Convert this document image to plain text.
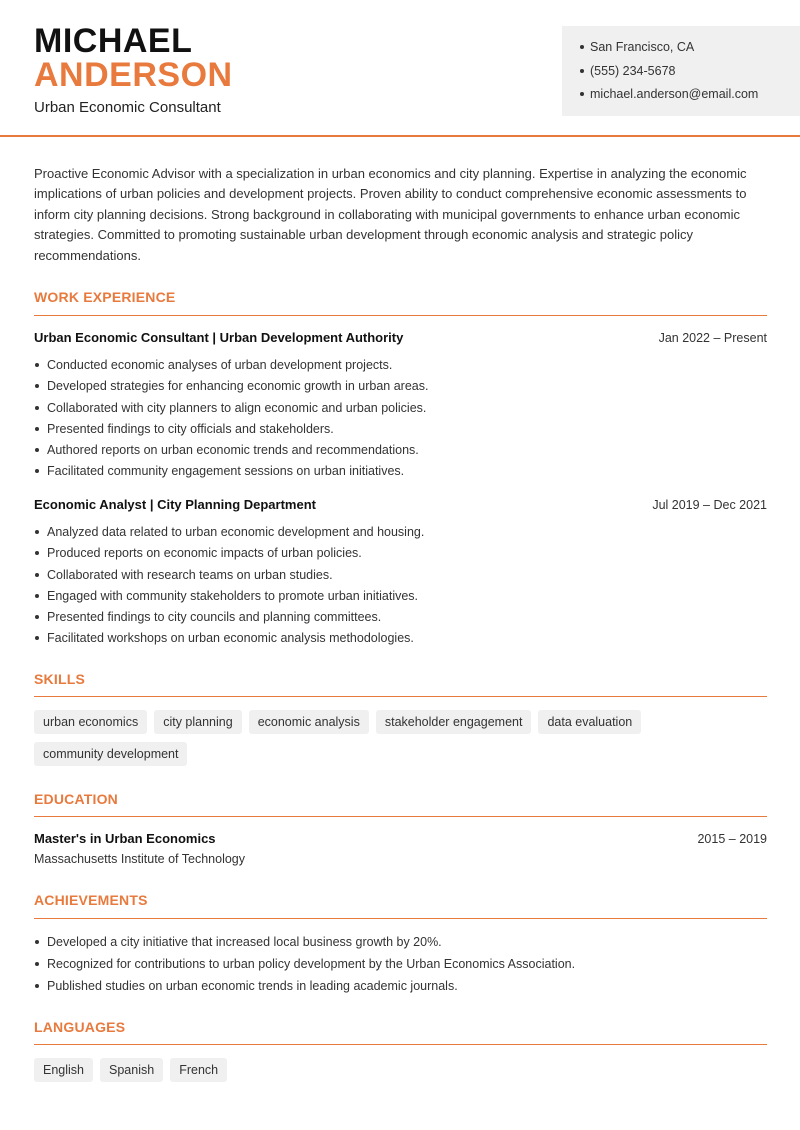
MICHAEL
ANDERSON
Urban Economic Consultant
San Francisco, CA
(555) 234-5678
michael.anderson@email.com

Proactive Economic Advisor with a specialization in urban economics and city planning. Expertise in analyzing the economic implications of urban policies and development projects. Proven ability to conduct comprehensive economic assessments to inform city planning decisions. Strong background in collaborating with municipal governments to enhance urban economic strategies. Committed to promoting sustainable urban development through economic analysis and strategic policy recommendations.

WORK EXPERIENCE
Urban Economic Consultant | Urban Development Authority	Jan 2022 – Present
Conducted economic analyses of urban development projects.
Developed strategies for enhancing economic growth in urban areas.
Collaborated with city planners to align economic and urban policies.
Presented findings to city officials and stakeholders.
Authored reports on urban economic trends and recommendations.
Facilitated community engagement sessions on urban initiatives.
Economic Analyst | City Planning Department	Jul 2019 – Dec 2021
Analyzed data related to urban economic development and housing.
Produced reports on economic impacts of urban policies.
Collaborated with research teams on urban studies.
Engaged with community stakeholders to promote urban initiatives.
Presented findings to city councils and planning committees.
Facilitated workshops on urban economic analysis methodologies.
SKILLS
urban economics	city planning	economic analysis	stakeholder engagement	data evaluation
community development
EDUCATION
Master's in Urban Economics	2015 – 2019
Massachusetts Institute of Technology
ACHIEVEMENTS
Developed a city initiative that increased local business growth by 20%.
Recognized for contributions to urban policy development by the Urban Economics Association.
Published studies on urban economic trends in leading academic journals.
LANGUAGES
English	Spanish	French
